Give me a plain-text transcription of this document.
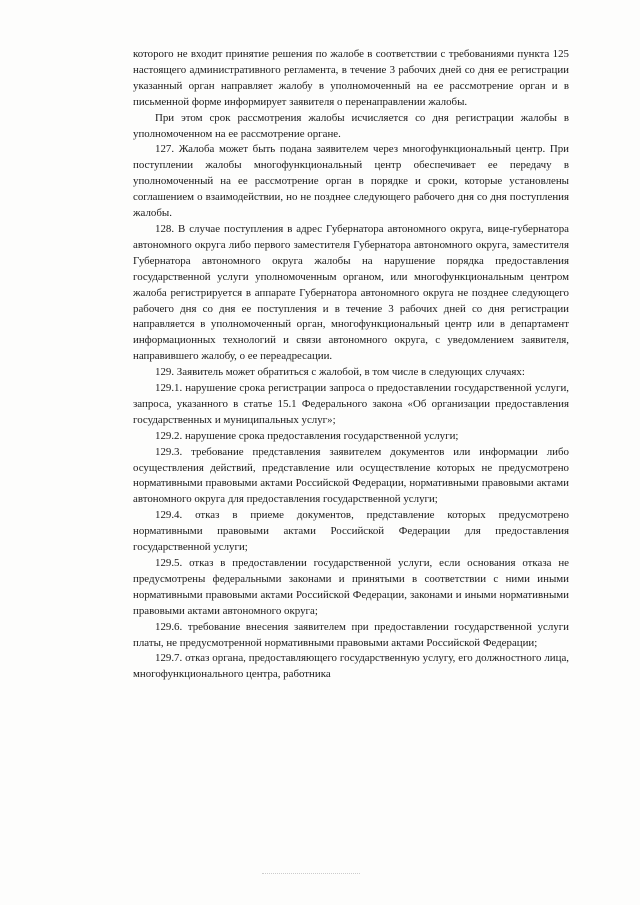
которого не входит принятие решения по жалобе в соответствии с требованиями пункта 125 настоящего административного регламента, в течение 3 рабочих дней со дня ее регистрации указанный орган направляет жалобу в уполномоченный на ее рассмотрение орган и в письменной форме информирует заявителя о перенаправлении жалобы.

При этом срок рассмотрения жалобы исчисляется со дня регистрации жалобы в уполномоченном на ее рассмотрение органе.

127. Жалоба может быть подана заявителем через многофункциональный центр. При поступлении жалобы многофункциональный центр обеспечивает ее передачу в уполномоченный на ее рассмотрение орган в порядке и сроки, которые установлены соглашением о взаимодействии, но не позднее следующего рабочего дня со дня поступления жалобы.

128. В случае поступления в адрес Губернатора автономного округа, вице-губернатора автономного округа либо первого заместителя Губернатора автономного округа, заместителя Губернатора автономного округа жалобы на нарушение порядка предоставления государственной услуги уполномоченным органом, или многофункциональным центром жалоба регистрируется в аппарате Губернатора автономного округа не позднее следующего рабочего дня со дня ее поступления и в течение 3 рабочих дней со дня регистрации направляется в уполномоченный орган, многофункциональный центр или в департамент информационных технологий и связи автономного округа, с уведомлением заявителя, направившего жалобу, о ее переадресации.

129. Заявитель может обратиться с жалобой, в том числе в следующих случаях:

129.1. нарушение срока регистрации запроса о предоставлении государственной услуги, запроса, указанного в статье 15.1 Федерального закона «Об организации предоставления государственных и муниципальных услуг»;

129.2. нарушение срока предоставления государственной услуги;

129.3. требование представления заявителем документов или информации либо осуществления действий, представление или осуществление которых не предусмотрено нормативными правовыми актами Российской Федерации, нормативными правовыми актами автономного округа для предоставления государственной услуги;

129.4. отказ в приеме документов, представление которых предусмотрено нормативными правовыми актами Российской Федерации для предоставления государственной услуги;

129.5. отказ в предоставлении государственной услуги, если основания отказа не предусмотрены федеральными законами и принятыми в соответствии с ними иными нормативными правовыми актами Российской Федерации, законами и иными нормативными правовыми актами автономного округа;

129.6. требование внесения заявителем при предоставлении государственной услуги платы, не предусмотренной нормативными правовыми актами Российской Федерации;

129.7. отказ органа, предоставляющего государственную услугу, его должностного лица, многофункционального центра, работника
